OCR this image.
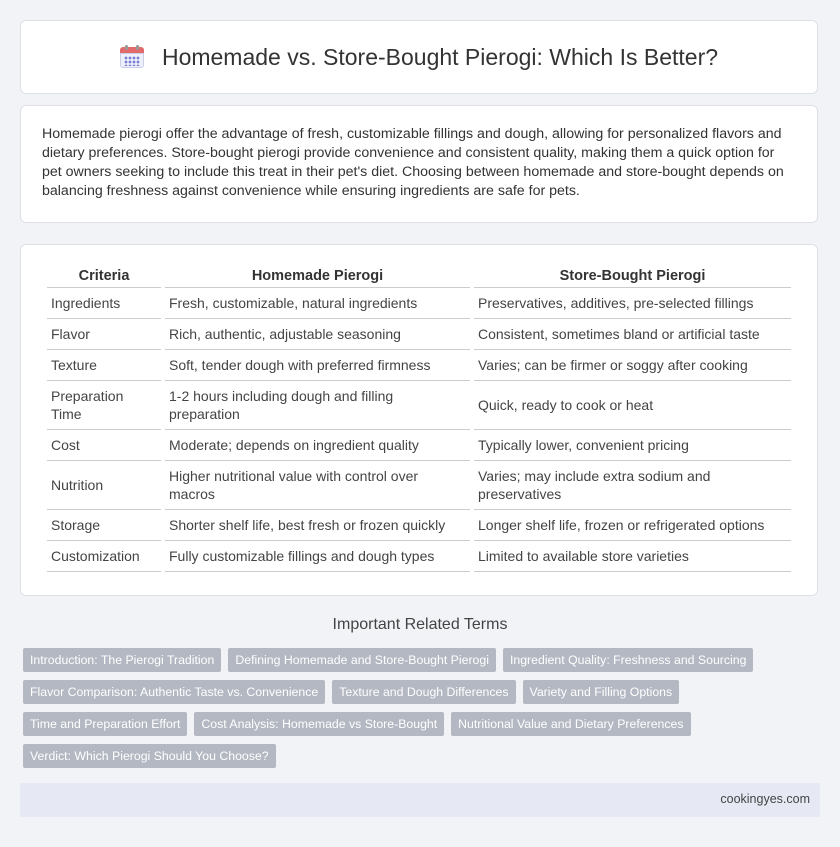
Homemade vs. Store-Bought Pierogi: Which Is Better?

Homemade pierogi offer the advantage of fresh, customizable fillings and dough, allowing for personalized flavors and dietary preferences. Store-bought pierogi provide convenience and consistent quality, making them a quick option for pet owners seeking to include this treat in their pet's diet. Choosing between homemade and store-bought depends on balancing freshness against convenience while ensuring ingredients are safe for pets.

Criteria	Homemade Pierogi	Store-Bought Pierogi
Ingredients	Fresh, customizable, natural ingredients	Preservatives, additives, pre-selected fillings
Flavor	Rich, authentic, adjustable seasoning	Consistent, sometimes bland or artificial taste
Texture	Soft, tender dough with preferred firmness	Varies; can be firmer or soggy after cooking
Preparation Time	1-2 hours including dough and filling preparation	Quick, ready to cook or heat
Cost	Moderate; depends on ingredient quality	Typically lower, convenient pricing
Nutrition	Higher nutritional value with control over macros	Varies; may include extra sodium and preservatives
Storage	Shorter shelf life, best fresh or frozen quickly	Longer shelf life, frozen or refrigerated options
Customization	Fully customizable fillings and dough types	Limited to available store varieties
Important Related Terms
Introduction: The Pierogi Tradition	Defining Homemade and Store-Bought Pierogi	Ingredient Quality: Freshness and Sourcing
Flavor Comparison: Authentic Taste vs. Convenience	Texture and Dough Differences	Variety and Filling Options
Time and Preparation Effort	Cost Analysis: Homemade vs Store-Bought	Nutritional Value and Dietary Preferences
Verdict: Which Pierogi Should You Choose?
cookingyes.com
